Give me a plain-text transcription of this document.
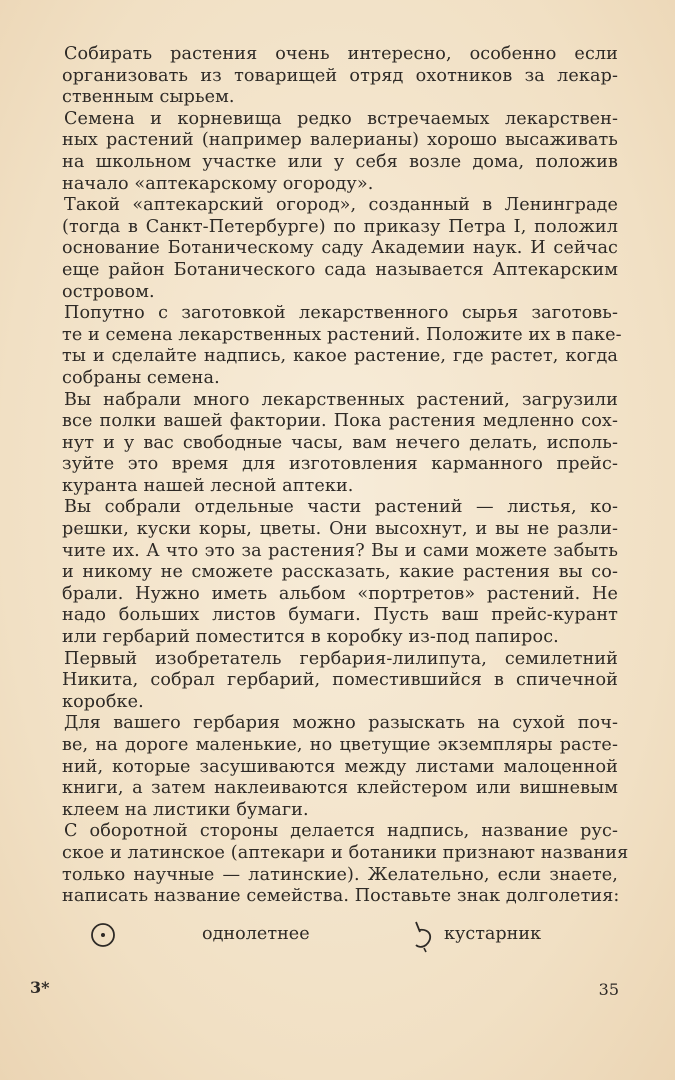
Собирать растения очень интересно, особенно если
организовать из товарищей отряд охотников за лекар-
ственным сырьем.

Семена и корневища редко встречаемых лекарствен-
ных растений (например валерианы) хорошо высаживать
на школьном участке или у себя возле дома, положив
начало «аптекарскому огороду».

Такой «аптекарский огород», созданный в Ленинграде
(тогда в Санкт-Петербурге) по приказу Петра I, положил
основание Ботаническому саду Академии наук. И сейчас
еще район Ботанического сада называется Аптекарским
островом.

Попутно с заготовкой лекарственного сырья заготовь-
те и семена лекарственных растений. Положите их в паке-
ты и сделайте надпись, какое растение, где растет, когда
собраны семена.

Вы набрали много лекарственных растений, загрузили
все полки вашей фактории. Пока растения медленно сох-
нут и у вас свободные часы, вам нечего делать, исполь-
зуйте это время для изготовления карманного прейс-
куранта нашей лесной аптеки.

Вы собрали отдельные части растений — листья, ко-
решки, куски коры, цветы. Они высохнут, и вы не разли-
чите их. А что это за растения? Вы и сами можете забыть
и никому не сможете рассказать, какие растения вы со-
брали. Нужно иметь альбом «портретов» растений. Не
надо больших листов бумаги. Пусть ваш прейс-курант
или гербарий поместится в коробку из-под папирос.

Первый изобретатель гербария-лилипута, семилетний
Никита, собрал гербарий, поместившийся в спичечной
коробке.

Для вашего гербария можно разыскать на сухой поч-
ве, на дороге маленькие, но цветущие экземпляры расте-
ний, которые засушиваются между листами малоценной
книги, а затем наклеиваются клейстером или вишневым
клеем на листики бумаги.

С оборотной стороны делается надпись, название рус-
ское и латинское (аптекари и ботаники признают названия
только научные — латинские). Желательно, если знаете,
написать название семейства. Поставьте знак долголетия:

однолетнее	кустарник
3*	35
